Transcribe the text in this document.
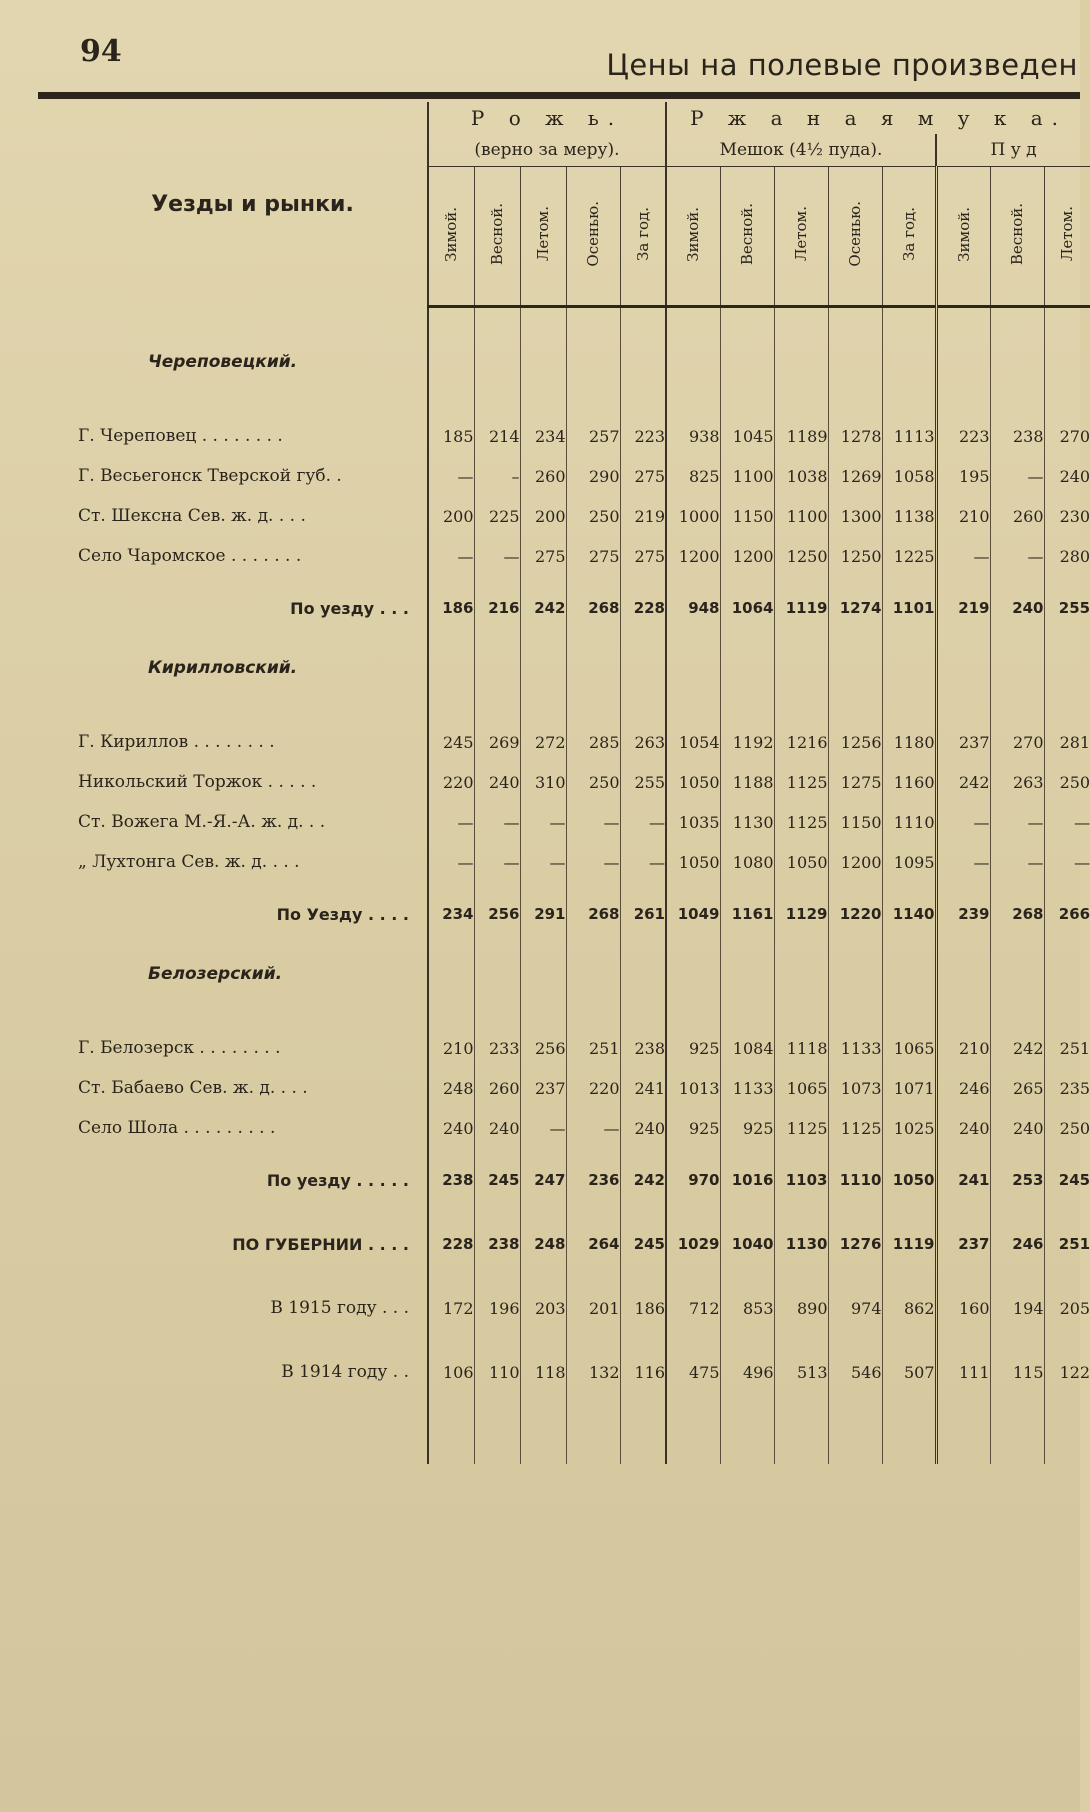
94	Цены на полевые произведен
Уезды и рынки.	Р о ж ь.					Р ж а н а я м у к а.							
	(верно за меру).					Мешок (4½ пуда).					П у д		
	Зимой.	Весной.	Летом.	Осенью.	За год.	Зимой.	Весной.	Летом.	Осенью.	За год.	Зимой.	Весной.	Летом.

Череповецкий.													

Г. Череповец . . . . . . . .	185	214	234	257	223	938	1045	1189	1278	1113	223	238	270
Г. Весьегонск Тверской губ. .	—	–	260	290	275	825	1100	1038	1269	1058	195	—	240
Ст. Шексна Сев. ж. д. . . .	200	225	200	250	219	1000	1150	1100	1300	1138	210	260	230
Село Чаромское . . . . . . .	—	—	275	275	275	1200	1200	1250	1250	1225	—	—	280
По уезду . . .	186	216	242	268	228	948	1064	1119	1274	1101	219	240	255
Кирилловский.													

Г. Кириллов . . . . . . . .	245	269	272	285	263	1054	1192	1216	1256	1180	237	270	281
Никольский Торжок . . . . .	220	240	310	250	255	1050	1188	1125	1275	1160	242	263	250
Ст. Вожега М.-Я.-А. ж. д. . .	—	—	—	—	—	1035	1130	1125	1150	1110	—	—	—
„ Лухтонга Сев. ж. д. . . .	—	—	—	—	—	1050	1080	1050	1200	1095	—	—	—
По Уезду . . . .	234	256	291	268	261	1049	1161	1129	1220	1140	239	268	266
Белозерский.													

Г. Белозерск . . . . . . . .	210	233	256	251	238	925	1084	1118	1133	1065	210	242	251
Ст. Бабаево Сев. ж. д. . . .	248	260	237	220	241	1013	1133	1065	1073	1071	246	265	235
Село Шола . . . . . . . . .	240	240	—	—	240	925	925	1125	1125	1025	240	240	250
По уезду . . . . .	238	245	247	236	242	970	1016	1103	1110	1050	241	253	245
ПО ГУБЕРНИИ . . . .	228	238	248	264	245	1029	1040	1130	1276	1119	237	246	251
В 1915 году . . .	172	196	203	201	186	712	853	890	974	862	160	194	205
В 1914 году . .	106	110	118	132	116	475	496	513	546	507	111	115	122
